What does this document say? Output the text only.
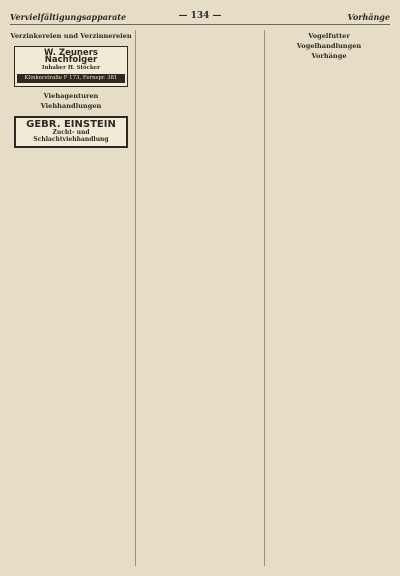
Vervielfältigungsapparate	— 134 —	Vorhänge
Verzinkereien und Verzinnereien
W. Zeuners Nachfolger
Inhaber H. Stöcker
Klinkerstraße F 173, Fernspr. 381
Viehagenturen
Viehhandlungen
GEBR. EINSTEIN
Zucht- und Schlachtviehhandlung
Vogelfutter
Vogelhandlungen
Vorhänge
